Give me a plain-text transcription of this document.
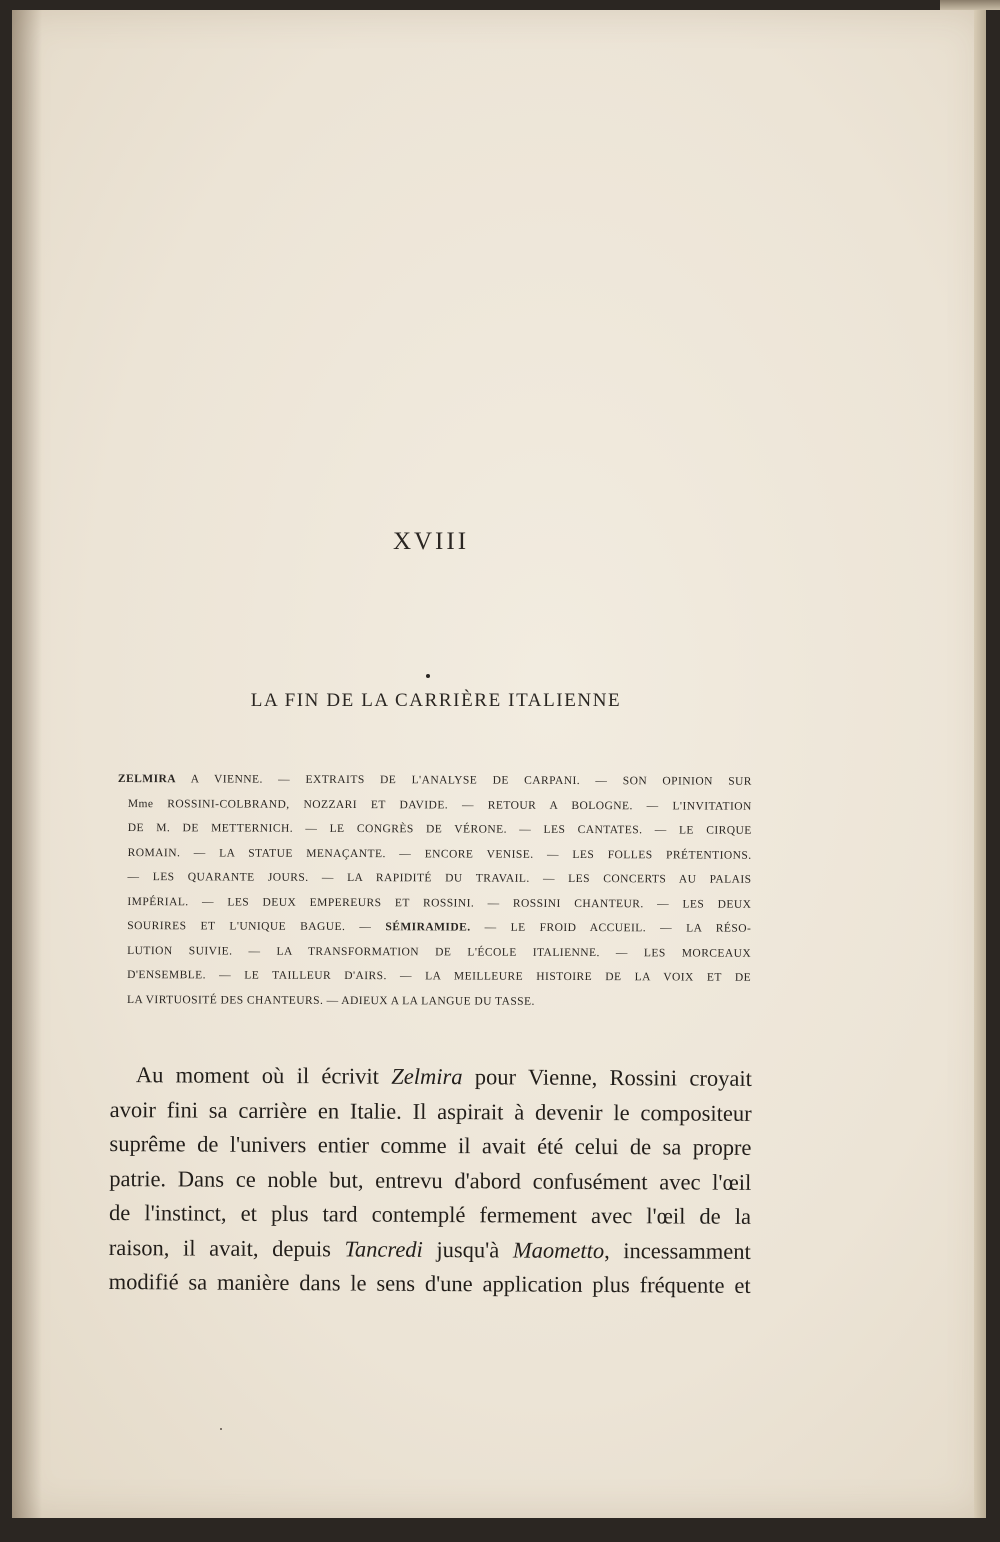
XVIII
LA FIN DE LA CARRIÈRE ITALIENNE
ZELMIRA A VIENNE. — EXTRAITS DE L'ANALYSE DE CARPANI. — SON OPINION SUR
Mme ROSSINI-COLBRAND, NOZZARI ET DAVIDE. — RETOUR A BOLOGNE. — L'INVITATION
DE M. DE METTERNICH. — LE CONGRÈS DE VÉRONE. — LES CANTATES. — LE CIRQUE
ROMAIN. — LA STATUE MENAÇANTE. — ENCORE VENISE. — LES FOLLES PRÉTENTIONS.
— LES QUARANTE JOURS. — LA RAPIDITÉ DU TRAVAIL. — LES CONCERTS AU PALAIS
IMPÉRIAL. — LES DEUX EMPEREURS ET ROSSINI. — ROSSINI CHANTEUR. — LES DEUX
SOURIRES ET L'UNIQUE BAGUE. — SÉMIRAMIDE. — LE FROID ACCUEIL. — LA RÉSO-
LUTION SUIVIE. — LA TRANSFORMATION DE L'ÉCOLE ITALIENNE. — LES MORCEAUX
D'ENSEMBLE. — LE TAILLEUR D'AIRS. — LA MEILLEURE HISTOIRE DE LA VOIX ET DE
LA VIRTUOSITÉ DES CHANTEURS. — ADIEUX A LA LANGUE DU TASSE.
Au moment où il écrivit Zelmira pour Vienne, Rossini croyait
avoir fini sa carrière en Italie. Il aspirait à devenir le compositeur
suprême de l'univers entier comme il avait été celui de sa propre
patrie. Dans ce noble but, entrevu d'abord confusément avec l'œil
de l'instinct, et plus tard contemplé fermement avec l'œil de la
raison, il avait, depuis Tancredi jusqu'à Maometto, incessamment
modifié sa manière dans le sens d'une application plus fréquente et
